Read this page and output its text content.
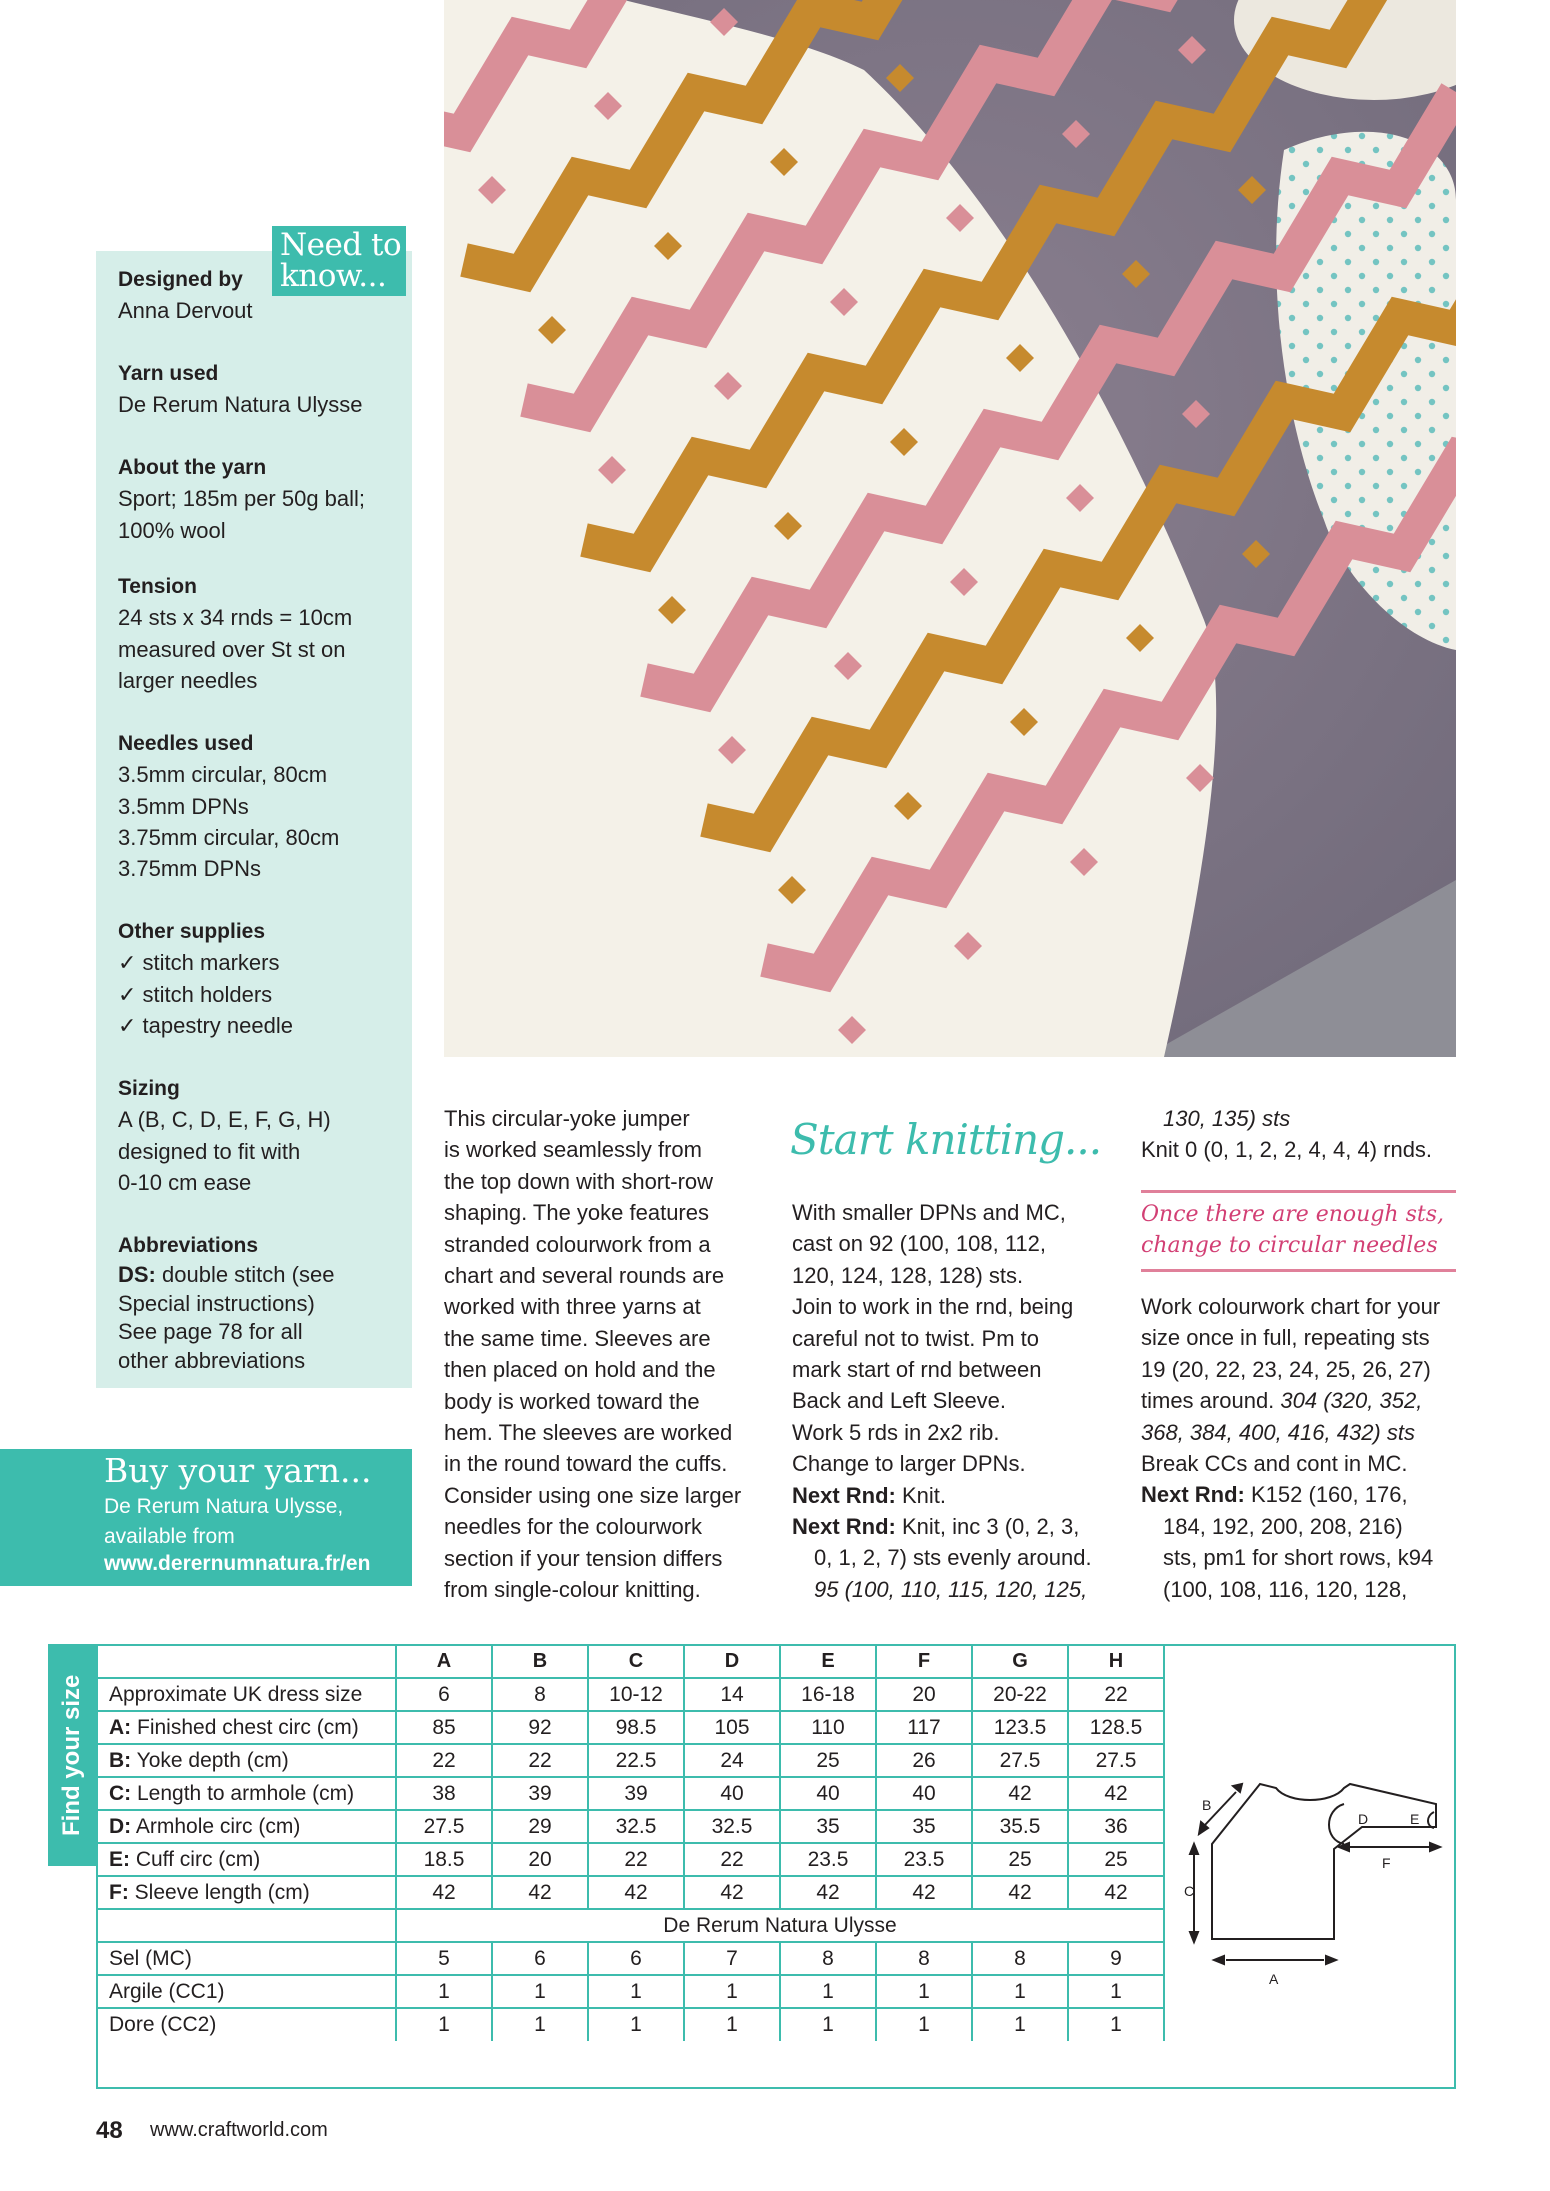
Need to
know...
Designed by
Anna Dervout
Yarn used
De Rerum Natura Ulysse
About the yarn
Sport; 185m per 50g ball;
100% wool
Tension
24 sts x 34 rnds = 10cm
measured over St st on
larger needles
Needles used
3.5mm circular, 80cm
3.5mm DPNs
3.75mm circular, 80cm
3.75mm DPNs
Other supplies
✓ stitch markers
✓ stitch holders
✓ tapestry needle
Sizing
A (B, C, D, E, F, G, H)
designed to fit with
0-10 cm ease
Abbreviations
DS: double stitch (see
Special instructions)
See page 78 for all
other abbreviations
Buy your yarn...
De Rerum Natura Ulysse,
available from
www.derernumnatura.fr/en

This circular-yoke jumper

is worked seamlessly from

the top down with short-row

shaping. The yoke features

stranded colourwork from a

chart and several rounds are

worked with three yarns at

the same time. Sleeves are

then placed on hold and the

body is worked toward the

hem. The sleeves are worked

in the round toward the cuffs.

Consider using one size larger

needles for the colourwork

section if your tension differs

from single-colour knitting.

Start knitting...

With smaller DPNs and MC,

cast on 92 (100, 108, 112,

120, 124, 128, 128) sts.

Join to work in the rnd, being

careful not to twist. Pm to

mark start of rnd between

Back and Left Sleeve.

Work 5 rds in 2x2 rib.

Change to larger DPNs.

Next Rnd: Knit.

Next Rnd: Knit, inc 3 (0, 2, 3,

0, 1, 2, 7) sts evenly around.

95 (100, 110, 115, 120, 125,

130, 135) sts

Knit 0 (0, 1, 2, 2, 4, 4, 4) rnds.

Once there are enough sts,
change to circular needles

Work colourwork chart for your

size once in full, repeating sts

19 (20, 22, 23, 24, 25, 26, 27)

times around. 304 (320, 352,

368, 384, 400, 416, 432) sts

Break CCs and cont in MC.

Next Rnd: K152 (160, 176,

184, 192, 200, 208, 216)

sts, pm1 for short rows, k94

(100, 108, 116, 120, 128,

Find your size
	A	B	C	D	E	F	G	H
Approximate UK dress size	6	8	10-12	14	16-18	20	20-22	22
A: Finished chest circ (cm)	85	92	98.5	105	110	117	123.5	128.5
B: Yoke depth (cm)	22	22	22.5	24	25	26	27.5	27.5
C: Length to armhole (cm)	38	39	39	40	40	40	42	42
D: Armhole circ (cm)	27.5	29	32.5	32.5	35	35	35.5	36
E: Cuff circ (cm)	18.5	20	22	22	23.5	23.5	25	25
F: Sleeve length (cm)	42	42	42	42	42	42	42	42
	De Rerum Natura Ulysse							
Sel (MC)	5	6	6	7	8	8	8	9
Argile (CC1)	1	1	1	1	1	1	1	1
Dore (CC2)	1	1	1	1	1	1	1	1
B
C
A
D	E
F
48 www.craftworld.com
